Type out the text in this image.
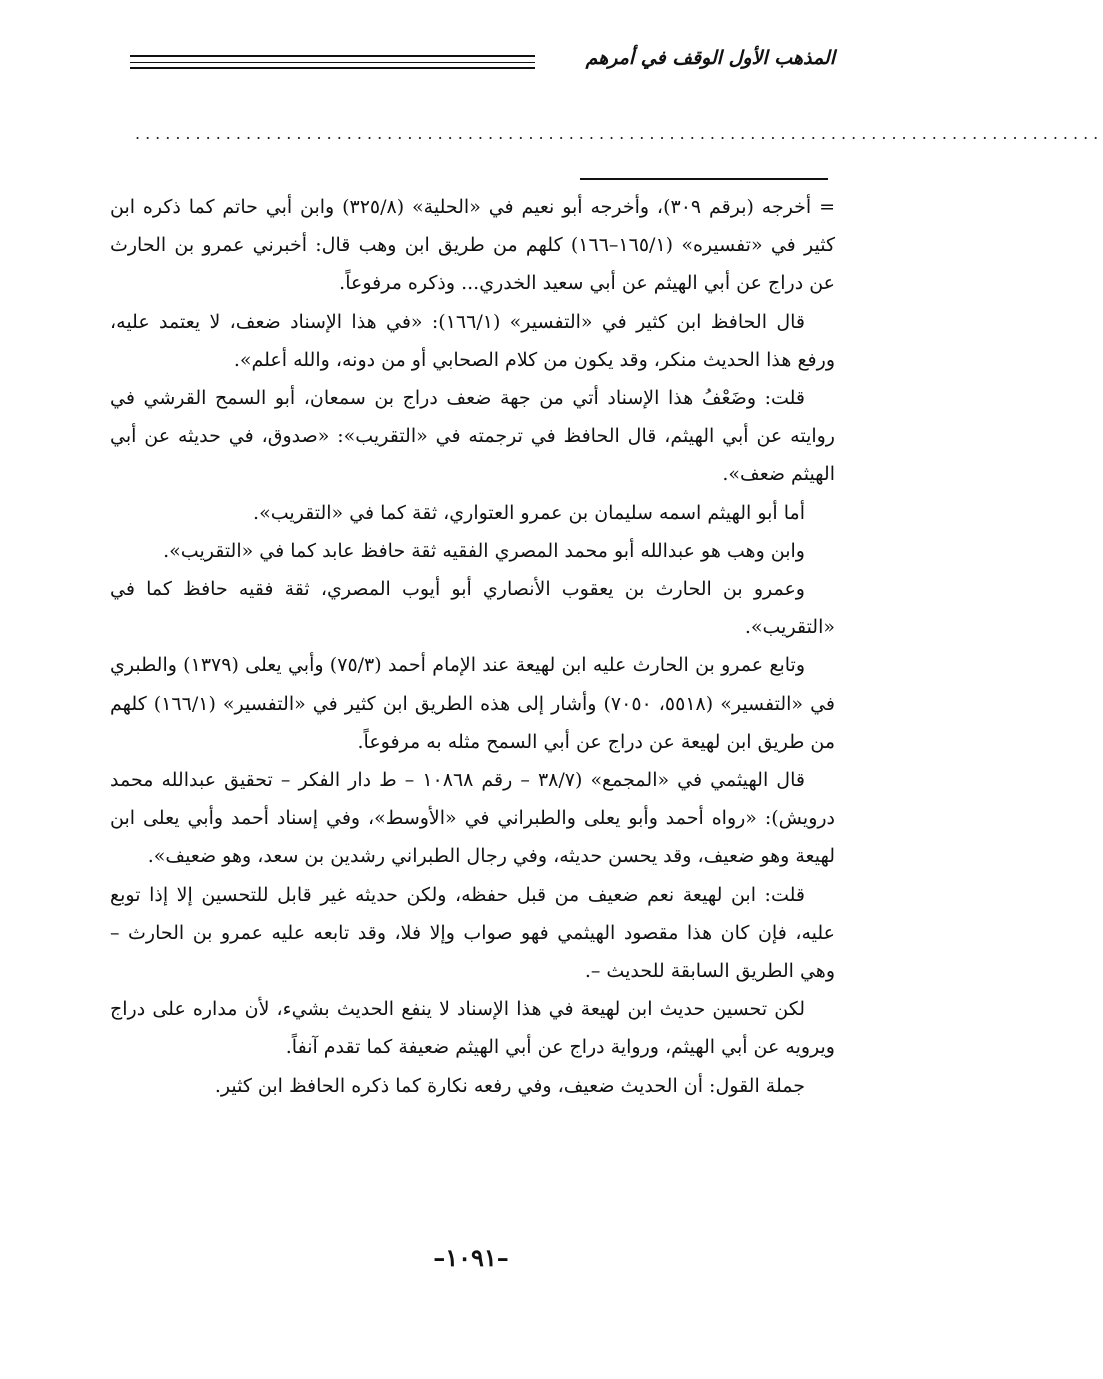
المذهب الأول الوقف في أمرهم
................................................................................................

= أخرجه (برقم ٣٠٩)، وأخرجه أبو نعيم في «الحلية» (٣٢٥/٨) وابن أبي حاتم كما ذكره ابن كثير في «تفسيره» (١٦٥/١–١٦٦) كلهم من طريق ابن وهب قال: أخبرني عمرو بن الحارث عن دراج عن أبي الهيثم عن أبي سعيد الخدري... وذكره مرفوعاً.

قال الحافظ ابن كثير في «التفسير» (١٦٦/١): «في هذا الإسناد ضعف، لا يعتمد عليه، ورفع هذا الحديث منكر، وقد يكون من كلام الصحابي أو من دونه، والله أعلم».

قلت: وضَعْفُ هذا الإسناد أتي من جهة ضعف دراج بن سمعان، أبو السمح القرشي في روايته عن أبي الهيثم، قال الحافظ في ترجمته في «التقريب»: «صدوق، في حديثه عن أبي الهيثم ضعف».

أما أبو الهيثم اسمه سليمان بن عمرو العتواري، ثقة كما في «التقريب».

وابن وهب هو عبدالله أبو محمد المصري الفقيه ثقة حافظ عابد كما في «التقريب».

وعمرو بن الحارث بن يعقوب الأنصاري أبو أيوب المصري، ثقة فقيه حافظ كما في «التقريب».

وتابع عمرو بن الحارث عليه ابن لهيعة عند الإمام أحمد (٧٥/٣) وأبي يعلى (١٣٧٩) والطبري في «التفسير» (٥٥١٨، ٧٠٥٠) وأشار إلى هذه الطريق ابن كثير في «التفسير» (١٦٦/١) كلهم من طريق ابن لهيعة عن دراج عن أبي السمح مثله به مرفوعاً.

قال الهيثمي في «المجمع» (٣٨/٧ – رقم ١٠٨٦٨ – ط دار الفكر – تحقيق عبدالله محمد درويش): «رواه أحمد وأبو يعلى والطبراني في «الأوسط»، وفي إسناد أحمد وأبي يعلى ابن لهيعة وهو ضعيف، وقد يحسن حديثه، وفي رجال الطبراني رشدين بن سعد، وهو ضعيف».

قلت: ابن لهيعة نعم ضعيف من قبل حفظه، ولكن حديثه غير قابل للتحسين إلا إذا توبع عليه، فإن كان هذا مقصود الهيثمي فهو صواب وإلا فلا، وقد تابعه عليه عمرو بن الحارث – وهي الطريق السابقة للحديث –.

لكن تحسين حديث ابن لهيعة في هذا الإسناد لا ينفع الحديث بشيء، لأن مداره على دراج ويرويه عن أبي الهيثم، ورواية دراج عن أبي الهيثم ضعيفة كما تقدم آنفاً.

جملة القول: أن الحديث ضعيف، وفي رفعه نكارة كما ذكره الحافظ ابن كثير.

–١٠٩١–
